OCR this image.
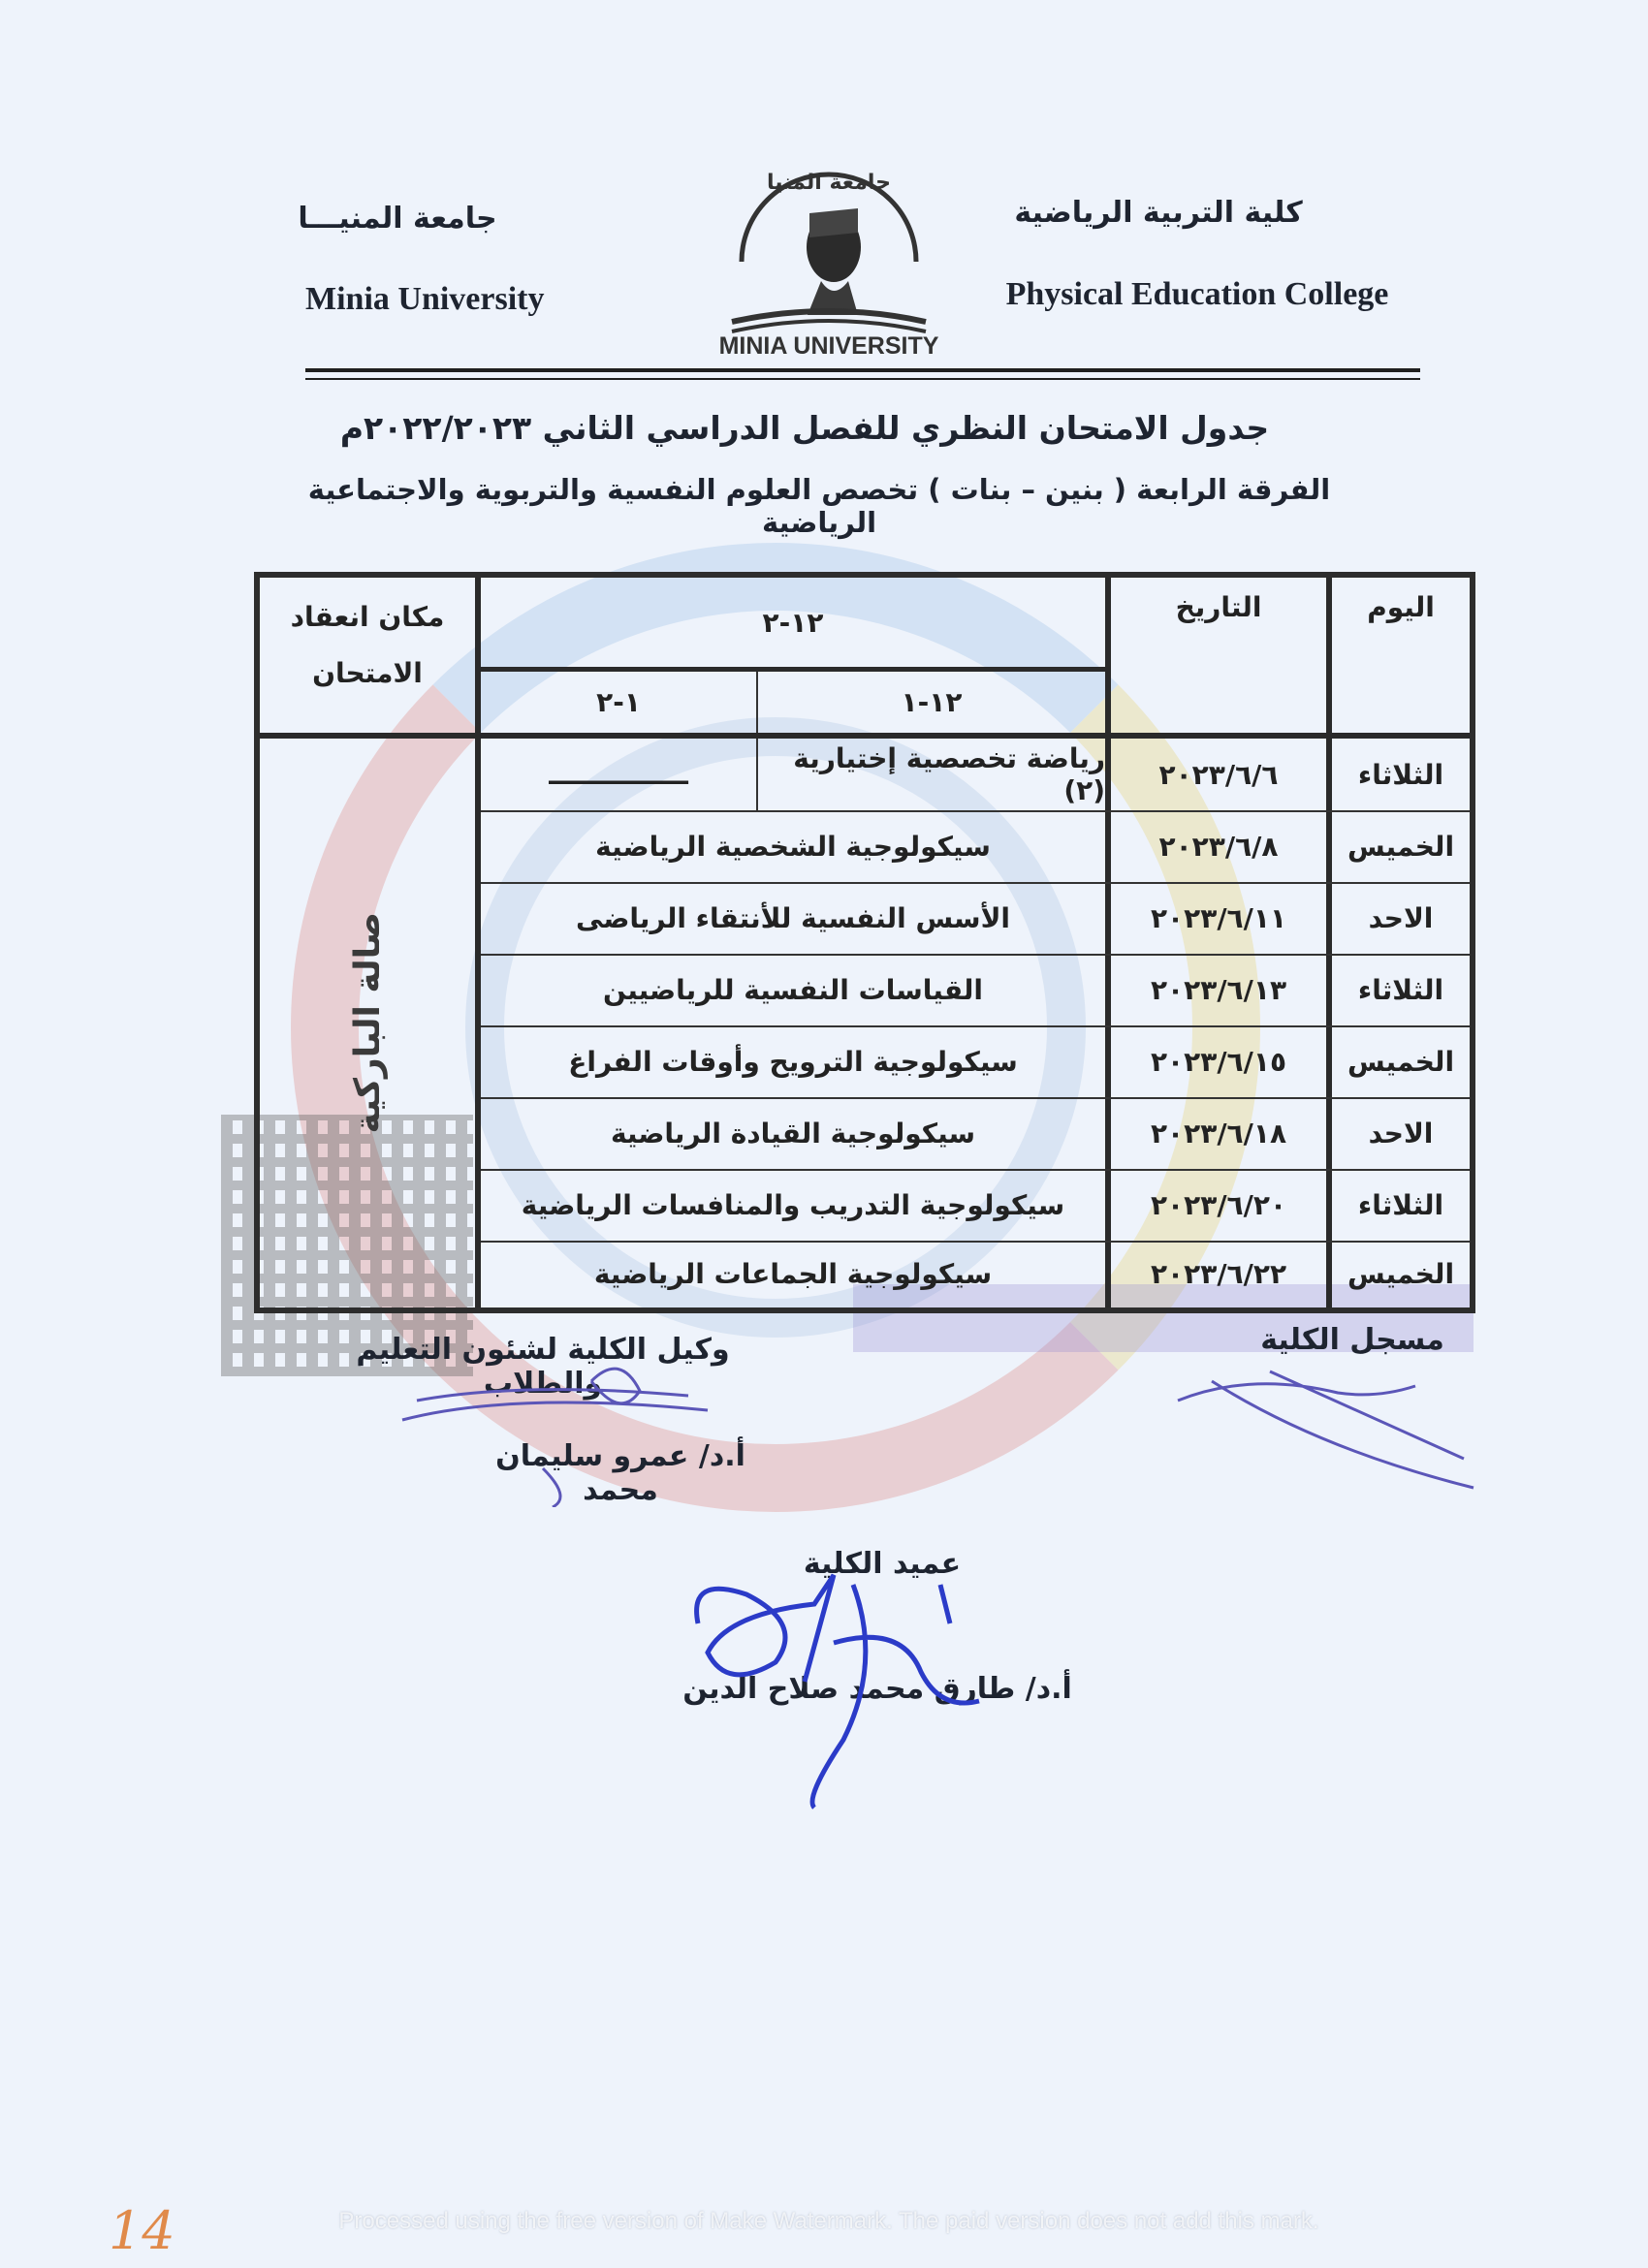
كلية التربية الرياضية
جامعة المنيـــا
Physical Education College
Minia University
جامعة المنيا
MINIA UNIVERSITY
جدول الامتحان النظري للفصل الدراسي الثاني ٢٠٢٢/٢٠٢٣م
الفرقة الرابعة ( بنين – بنات ) تخصص العلوم النفسية والتربوية والاجتماعية الرياضية
اليوم
التاريخ
١٢-٢
١٢-١
١-٢
مكان انعقاد الامتحان
صالة الباركية
الثلاثاء
٢٠٢٣/٦/٦
رياضة تخصصية إختيارية (٢)
ـــــــــــــــ
الخميس
٢٠٢٣/٦/٨
سيكولوجية الشخصية الرياضية
الاحد
٢٠٢٣/٦/١١
الأسس النفسية للأنتقاء الرياضى
الثلاثاء
٢٠٢٣/٦/١٣
القياسات النفسية للرياضيين
الخميس
٢٠٢٣/٦/١٥
سيكولوجية الترويح وأوقات الفراغ
الاحد
٢٠٢٣/٦/١٨
سيكولوجية القيادة الرياضية
الثلاثاء
٢٠٢٣/٦/٢٠
سيكولوجية التدريب والمنافسات الرياضية
الخميس
٢٠٢٣/٦/٢٢
سيكولوجية الجماعات الرياضية
مسجل الكلية
وكيل الكلية لشئون التعليم والطلاب
أ.د/ عمرو سليمان محمد
عميد الكلية
أ.د/ طارق محمد صلاح الدين
14	Processed using the free version of Make Watermark. The paid version does not add this mark.
